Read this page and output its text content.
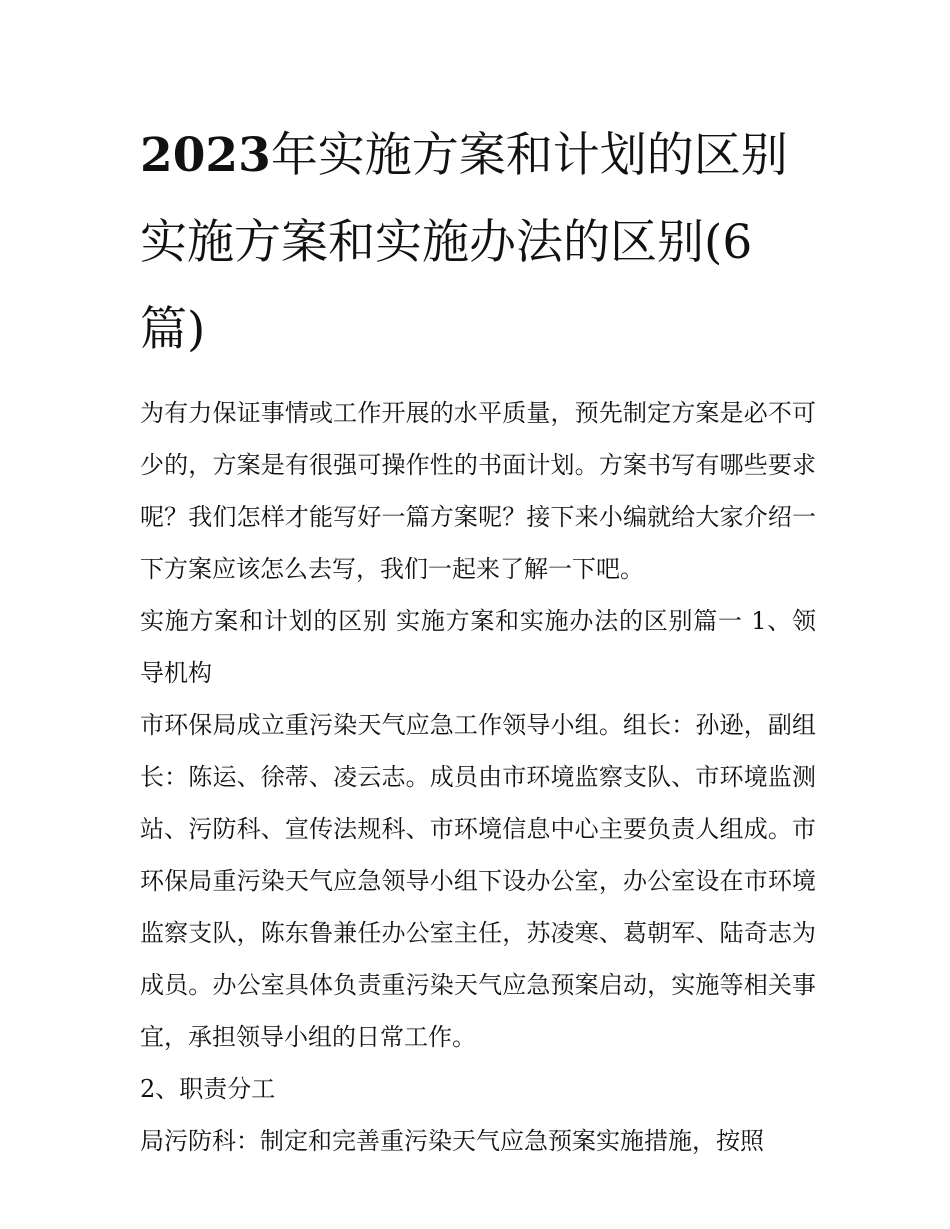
2023年实施方案和计划的区别
实施方案和实施办法的区别(6
篇)

为有力保证事情或工作开展的水平质量，预先制定方案是必不可少的，方案是有很强可操作性的书面计划。方案书写有哪些要求呢？我们怎样才能写好一篇方案呢？接下来小编就给大家介绍一下方案应该怎么去写，我们一起来了解一下吧。

实施方案和计划的区别 实施方案和实施办法的区别篇一 1、领导机构

市环保局成立重污染天气应急工作领导小组。组长：孙逊，副组长：陈运、徐蒂、凌云志。成员由市环境监察支队、市环境监测站、污防科、宣传法规科、市环境信息中心主要负责人组成。市环保局重污染天气应急领导小组下设办公室，办公室设在市环境监察支队，陈东鲁兼任办公室主任，苏凌寒、葛朝军、陆奇志为成员。办公室具体负责重污染天气应急预案启动，实施等相关事宜，承担领导小组的日常工作。

2、职责分工

局污防科：制定和完善重污染天气应急预案实施措施，按照
